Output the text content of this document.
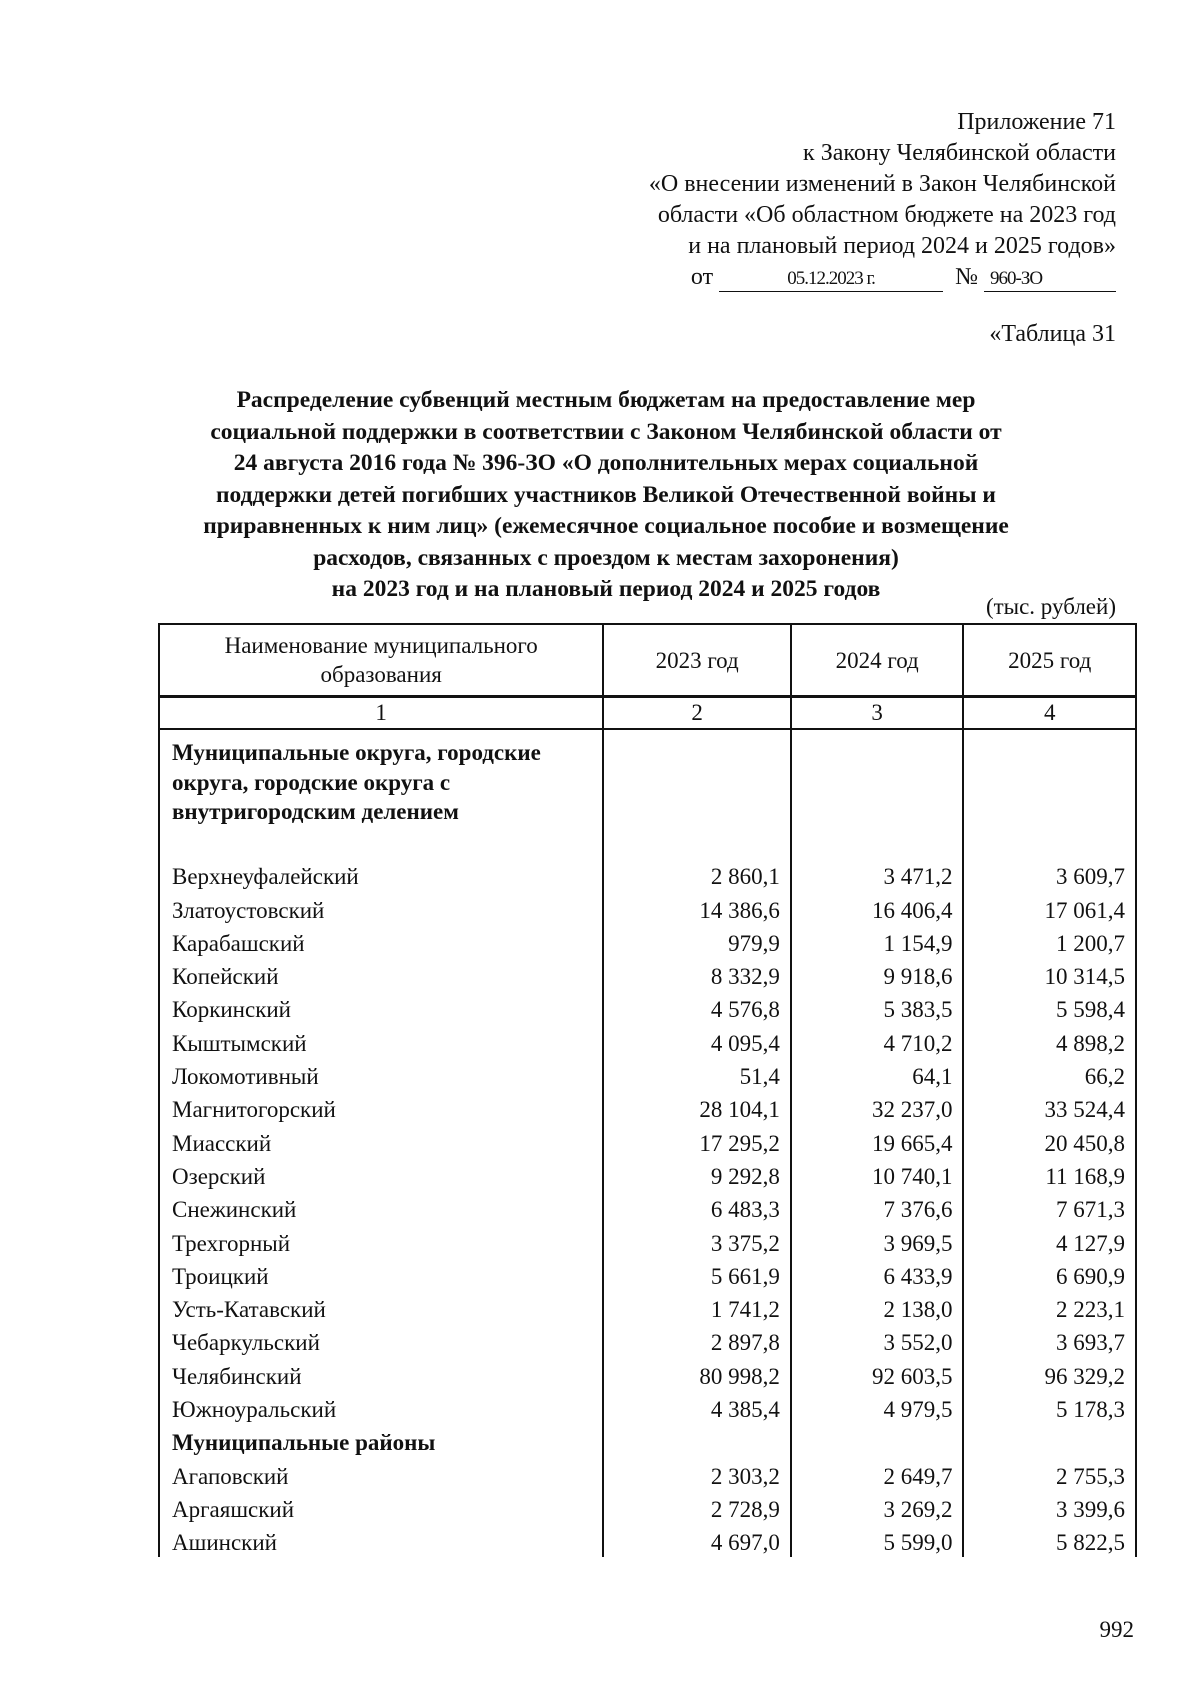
Приложение 71
к Закону Челябинской области
«О внесении изменений в Закон Челябинской
области «Об областном бюджете на 2023 год
и на плановый период 2024 и 2025 годов»
от	05.12.2023 г.	№ 960-ЗО
«Таблица 31
Распределение субвенций местным бюджетам на предоставление мер
социальной поддержки в соответствии с Законом Челябинской области от
24 августа 2016 года № 396-ЗО «О дополнительных мерах социальной
поддержки детей погибших участников Великой Отечественной войны и
приравненных к ним лиц» (ежемесячное социальное пособие и возмещение
расходов, связанных с проездом к местам захоронения)
на 2023 год и на плановый период 2024 и 2025 годов
(тыс. рублей)
Наименование муниципального образования	2023 год	2024 год	2025 год
1	2	3	4
Муниципальные округа, городские округа, городские округа с внутригородским делением			
Верхнеуфалейский	2 860,1	3 471,2	3 609,7
Златоустовский	14 386,6	16 406,4	17 061,4
Карабашский	979,9	1 154,9	1 200,7
Копейский	8 332,9	9 918,6	10 314,5
Коркинский	4 576,8	5 383,5	5 598,4
Кыштымский	4 095,4	4 710,2	4 898,2
Локомотивный	51,4	64,1	66,2
Магнитогорский	28 104,1	32 237,0	33 524,4
Миасский	17 295,2	19 665,4	20 450,8
Озерский	9 292,8	10 740,1	11 168,9
Снежинский	6 483,3	7 376,6	7 671,3
Трехгорный	3 375,2	3 969,5	4 127,9
Троицкий	5 661,9	6 433,9	6 690,9
Усть-Катавский	1 741,2	2 138,0	2 223,1
Чебаркульский	2 897,8	3 552,0	3 693,7
Челябинский	80 998,2	92 603,5	96 329,2
Южноуральский	4 385,4	4 979,5	5 178,3
Муниципальные районы			
Агаповский	2 303,2	2 649,7	2 755,3
Аргаяшский	2 728,9	3 269,2	3 399,6
Ашинский	4 697,0	5 599,0	5 822,5
992
